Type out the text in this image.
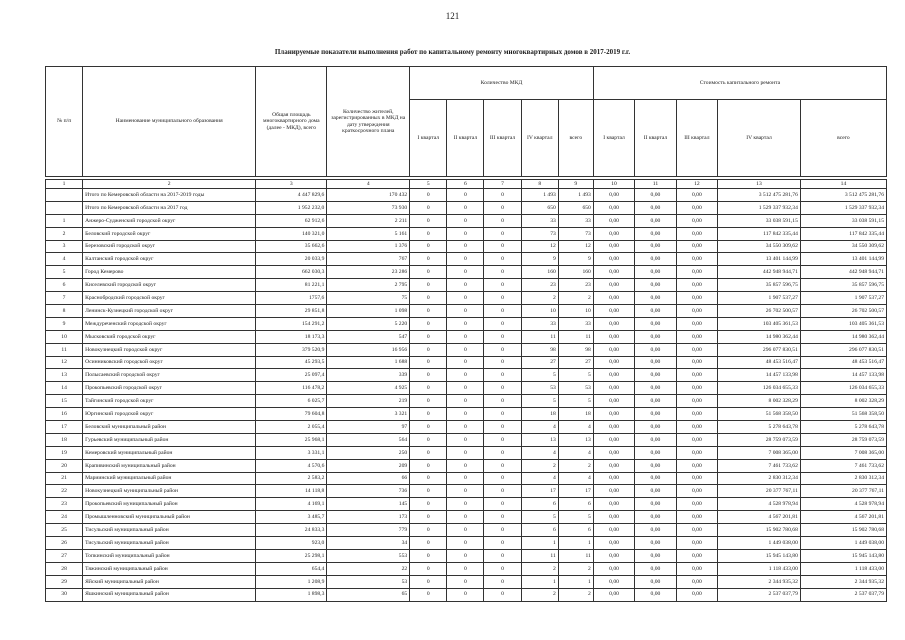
121
Планируемые показатели выполнения работ по капитальному ремонту многоквартирных домов в 2017-2019 г.г.
№ п/п	Наименование муниципального образования	Общая площадь многоквартирного дома (далее - МКД), всего	Количество жителей, зарегистрированных в МКД на дату утверждения краткосрочного плана	Количество МКД					Стоимость капитального ремонта				
				I квартал	II квартал	III квартал	IV квартал	всего	I квартал	II квартал	III квартал	IV квартал	всего

1	2	3	4	5	6	7	8	9	10	11	12	13	14
	Итого по Кемеровской области на 2017-2019 годы	4 447 829,6	170 432	0	0	0	1 493	1 493	0,00	0,00	0,00	3 512 475 281,76	3 512 475 281,76
	Итого по Кемеровской области на 2017 год	1 952 232,0	73 930	0	0	0	650	650	0,00	0,00	0,00	1 529 337 932,34	1 529 337 932,34
1	Анжеро-Судженский городской округ	62 912,6	2 211	0	0	0	33	33	0,00	0,00	0,00	33 038 591,15	33 038 591,15
2	Беловский городской округ	140 321,0	5 161	0	0	0	73	73	0,00	0,00	0,00	117 842 335,44	117 842 335,44
3	Березовский городской округ	35 662,6	1 376	0	0	0	12	12	0,00	0,00	0,00	34 550 309,62	34 550 309,62
4	Калтанский городской округ	20 033,9	767	0	0	0	9	9	0,00	0,00	0,00	13 401 144,99	13 401 144,99
5	Город Кемерово	662 030,3	23 286	0	0	0	160	160	0,00	0,00	0,00	442 948 944,71	442 948 944,71
6	Киселевский городской округ	81 221,1	2 795	0	0	0	23	23	0,00	0,00	0,00	35 857 596,75	35 857 596,75
7	Краснобродский городской округ	1757,6	75	0	0	0	2	2	0,00	0,00	0,00	1 907 537,27	1 907 537,27
8	Ленинск-Кузнецкий городской округ	29 851,8	1 098	0	0	0	10	10	0,00	0,00	0,00	26 702 500,57	26 702 500,57
9	Междуреченский городской округ	154 291,2	5 220	0	0	0	33	33	0,00	0,00	0,00	103 405 361,53	103 405 361,53
10	Мысковский городской округ	18 173,3	547	0	0	0	11	11	0,00	0,00	0,00	14 980 362,44	14 980 362,44
11	Новокузнецкий городской округ	379 520,9	16 956	0	0	0	98	98	0,00	0,00	0,00	296 077 830,51	296 077 830,51
12	Осинниковский городской округ	45 293,5	1 688	0	0	0	27	27	0,00	0,00	0,00	48 453 516,47	48 453 516,47
13	Полысаевский городской округ	25 097,4	339	0	0	0	5	5	0,00	0,00	0,00	14 457 133,98	14 457 133,98
14	Прокопьевский городской округ	116 478,2	4 925	0	0	0	53	53	0,00	0,00	0,00	126 034 655,33	126 034 655,33
15	Тайгинский городской округ	6 025,7	219	0	0	0	5	5	0,00	0,00	0,00	8 002 328,29	8 002 328,29
16	Юргинский городской округ	79 604,8	3 321	0	0	0	18	18	0,00	0,00	0,00	51 568 358,50	51 568 358,50
17	Беловский муниципальный район	2 055,4	97	0	0	0	4	4	0,00	0,00	0,00	5 278 643,78	5 278 643,78
18	Гурьевский муниципальный район	25 968,1	564	0	0	0	13	13	0,00	0,00	0,00	28 759 073,59	28 759 073,59
19	Кемеровский муниципальный район	3 331,1	250	0	0	0	4	4	0,00	0,00	0,00	7 008 365,00	7 008 365,00
20	Крапивинский муниципальный район	4 570,6	209	0	0	0	2	2	0,00	0,00	0,00	7 461 733,62	7 461 733,62
21	Мариинский муниципальный район	2 583,2	66	0	0	0	4	4	0,00	0,00	0,00	2 830 312,34	2 830 312,34
22	Новокузнецкий муниципальный район	14 118,8	736	0	0	0	17	17	0,00	0,00	0,00	20 377 767,11	20 377 767,11
23	Прокопьевский муниципальный район	4 169,1	145	0	0	0	6	6	0,00	0,00	0,00	4 528 978,94	4 528 978,94
24	Промышленновский муниципальный район	3 485,7	173	0	0	0	5	5	0,00	0,00	0,00	4 567 201,81	4 567 201,81
25	Тисульский муниципальный район	24 833,3	779	0	0	0	6	6	0,00	0,00	0,00	15 902 780,68	15 902 780,68
26	Тисульский муниципальный район	923,0	34	0	0	0	1	1	0,00	0,00	0,00	1 449 038,00	1 449 038,00
27	Топкинский муниципальный район	25 298,1	553	0	0	0	11	11	0,00	0,00	0,00	15 945 143,80	15 945 143,80
28	Тяжинский муниципальный район	654,4	22	0	0	0	2	2	0,00	0,00	0,00	1 118 433,00	1 118 433,00
29	Яйский муниципальный район	1 208,9	53	0	0	0	1	1	0,00	0,00	0,00	2 344 935,32	2 344 935,32
30	Яшкинский муниципальный район	1 898,3	65	0	0	0	2	2	0,00	0,00	0,00	2 537 037,79	2 537 037,79
